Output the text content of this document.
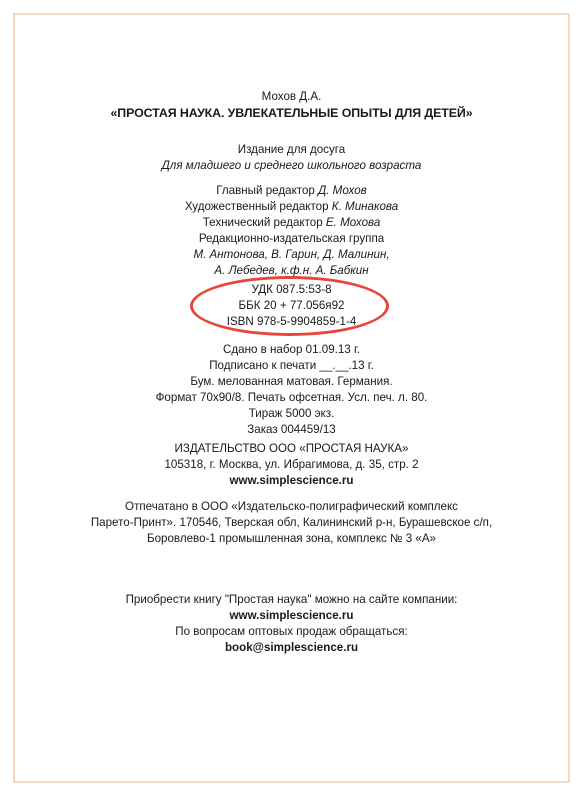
Мохов Д.А.
«ПРОСТАЯ НАУКА. УВЛЕКАТЕЛЬНЫЕ ОПЫТЫ ДЛЯ ДЕТЕЙ»
Издание для досуга
Для младшего и среднего школьного возраста
Главный редактор Д. Мохов
Художественный редактор К. Минакова
Технический редактор Е. Мохова
Редакционно-издательская группа
М. Антонова, В. Гарин, Д. Малинин,
А. Лебедев, к.ф.н. А. Бабкин
УДК 087.5:53-8
ББК 20 + 77.056я92
ISBN 978-5-9904859-1-4
Сдано в набор 01.09.13 г.
Подписано к печати __.__.13 г.
Бум. мелованная матовая. Германия.
Формат 70х90/8. Печать офсетная. Усл. печ. л. 80.
Тираж 5000 экз.
Заказ 004459/13
ИЗДАТЕЛЬСТВО ООО «ПРОСТАЯ НАУКА»
105318, г. Москва, ул. Ибрагимова, д. 35, стр. 2
www.simplescience.ru
Отпечатано в ООО «Издательско-полиграфический комплекс
Парето-Принт». 170546, Тверская обл, Калининский р-н, Бурашевское с/п,
Боровлево-1 промышленная зона, комплекс № 3 «А»
Приобрести книгу "Простая наука" можно на сайте компании:
www.simplescience.ru
По вопросам оптовых продаж обращаться:
book@simplescience.ru
